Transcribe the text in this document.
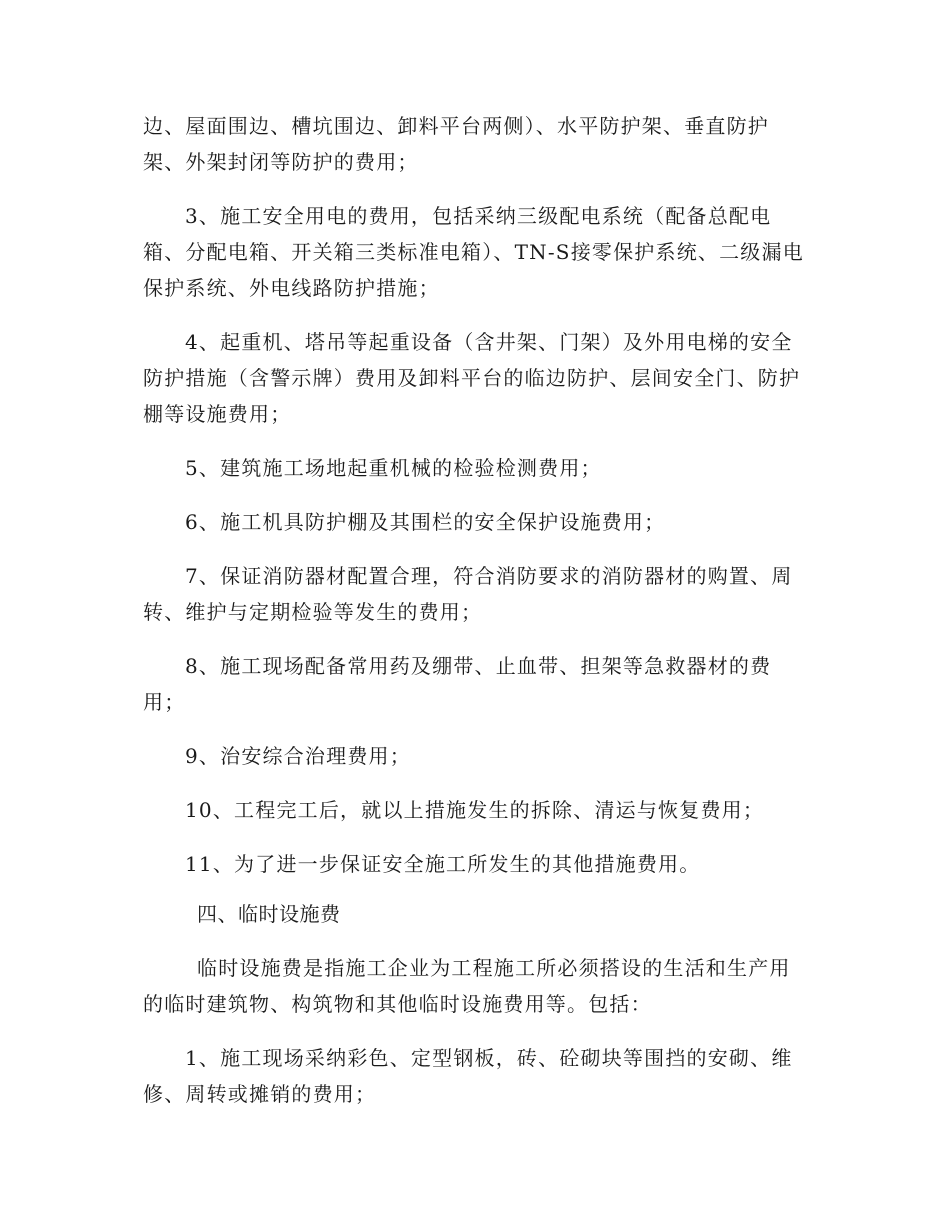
边、屋面围边、槽坑围边、卸料平台两侧）、水平防护架、垂直防护架、外架封闭等防护的费用；

3、施工安全用电的费用，包括采纳三级配电系统（配备总配电箱、分配电箱、开关箱三类标准电箱）、TN-S接零保护系统、二级漏电保护系统、外电线路防护措施；

4、起重机、塔吊等起重设备（含井架、门架）及外用电梯的安全防护措施（含警示牌）费用及卸料平台的临边防护、层间安全门、防护棚等设施费用；

5、建筑施工场地起重机械的检验检测费用；

6、施工机具防护棚及其围栏的安全保护设施费用；

7、保证消防器材配置合理，符合消防要求的消防器材的购置、周转、维护与定期检验等发生的费用；

8、施工现场配备常用药及绷带、止血带、担架等急救器材的费用；

9、治安综合治理费用；

10、工程完工后，就以上措施发生的拆除、清运与恢复费用；

11、为了进一步保证安全施工所发生的其他措施费用。

四、临时设施费

临时设施费是指施工企业为工程施工所必须搭设的生活和生产用的临时建筑物、构筑物和其他临时设施费用等。包括：

1、施工现场采纳彩色、定型钢板，砖、砼砌块等围挡的安砌、维修、周转或摊销的费用；
